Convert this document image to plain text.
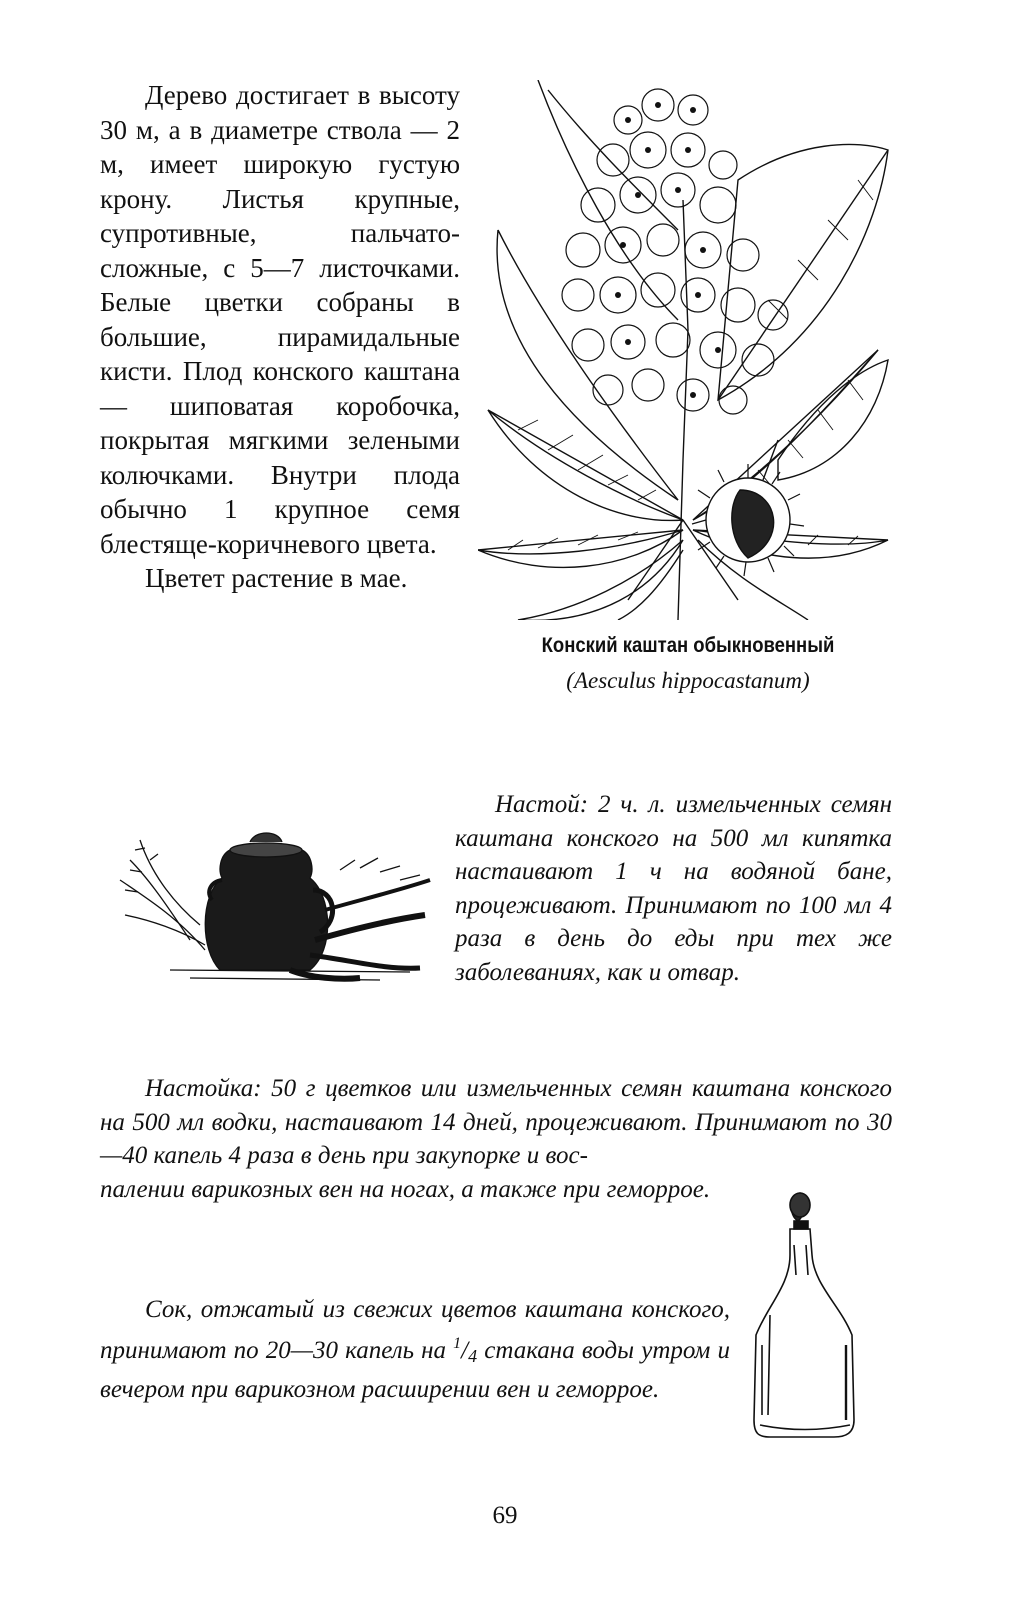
Дерево достигает в высоту 30 м, а в диаметре ствола — 2 м, имеет широкую густую крону. Листья крупные, супротивные, пальчато-сложные, с 5—7 листочками. Белые цветки собраны в большие, пирамидальные кисти. Плод конского каштана — шиповатая коробочка, покрытая мягкими зелеными колючками. Внутри плода обычно 1 крупное семя блестяще-коричневого цвета.

Цветет растение в мае.

Конский каштан обыкновенный
(Aesculus hippocastanum)

Настой: 2 ч. л. измельченных семян каштана конского на 500 мл кипятка настаивают 1 ч на водяной бане, процеживают. Принимают по 100 мл 4 раза в день до еды при тех же заболеваниях, как и отвар.

Настойка: 50 г цветков или измельченных семян каштана конского на 500 мл водки, настаивают 14 дней, процеживают. Принимают по 30—40 капель 4 раза в день при закупорке и вос-
палении варикозных вен на ногах, а также при геморрое.

Сок, отжатый из свежих цветов каштана конского, принимают по 20—30 капель на $^1$/4 стакана воды утром и вечером при варикозном расширении вен и геморрое.

69
